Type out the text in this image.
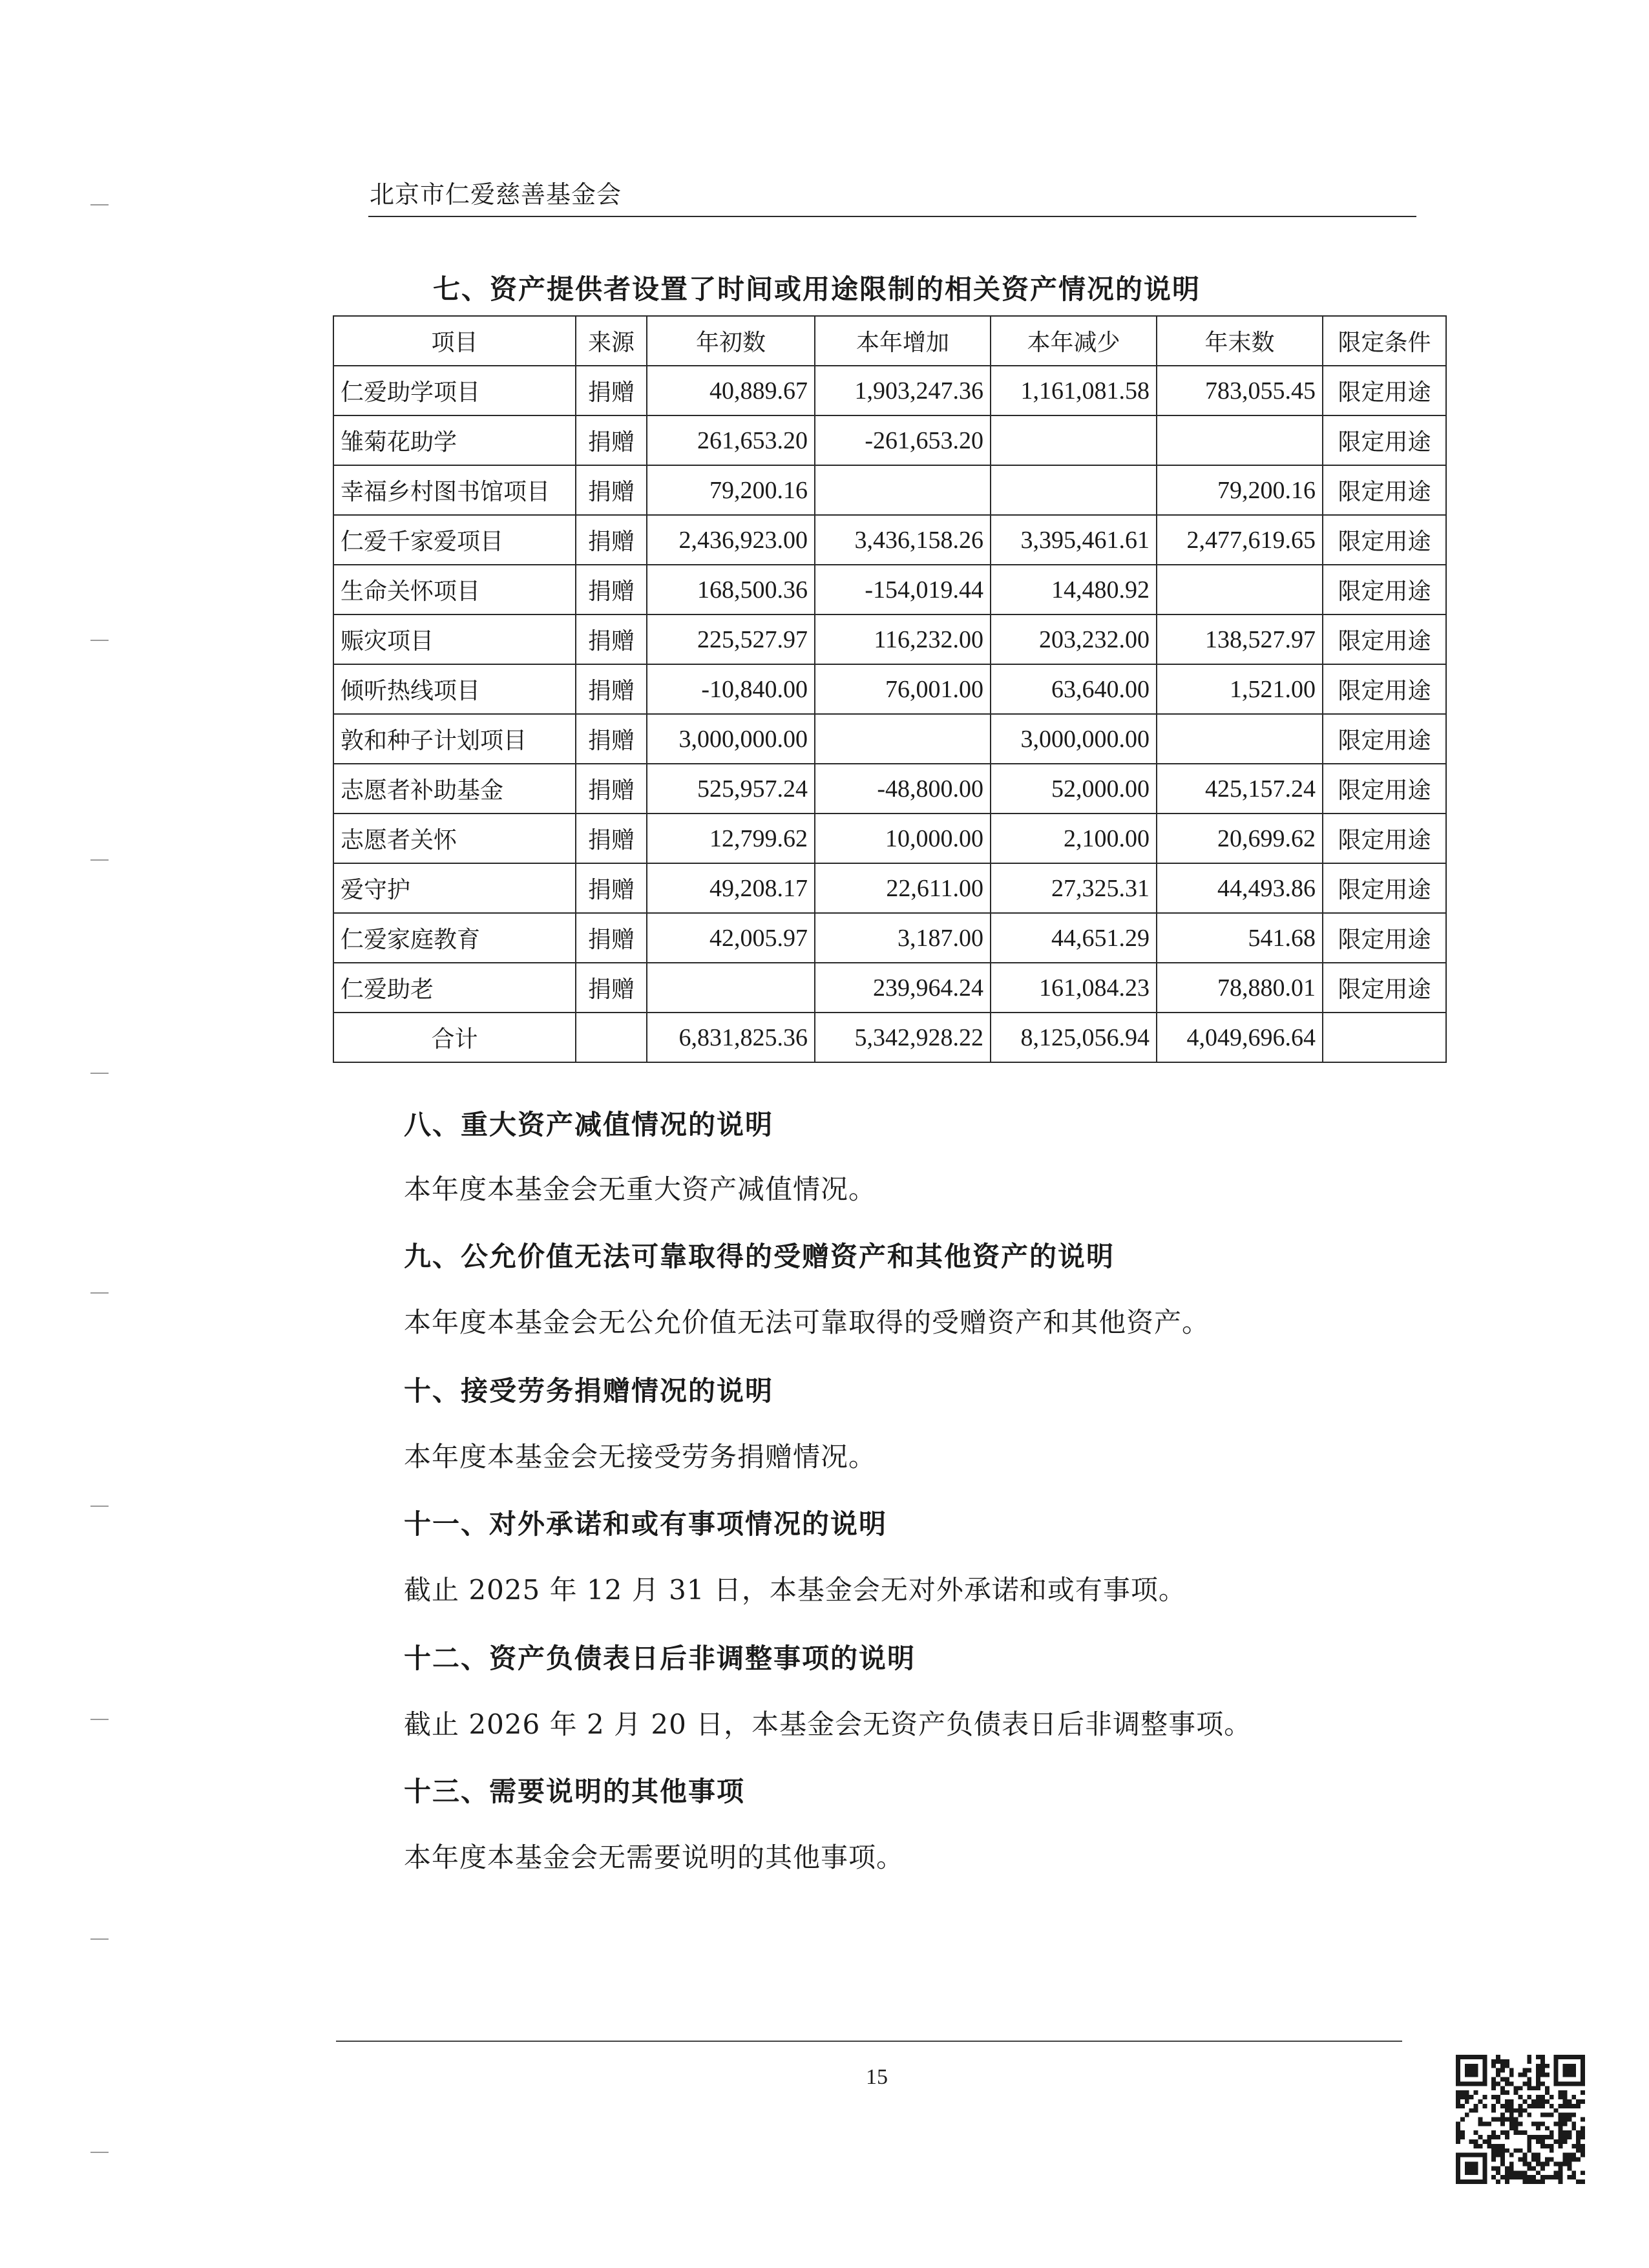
北京市仁爱慈善基金会
七、资产提供者设置了时间或用途限制的相关资产情况的说明
项目	来源	年初数	本年增加	本年减少	年末数	限定条件
仁爱助学项目	捐赠	40,889.67	1,903,247.36	1,161,081.58	783,055.45	限定用途
雏菊花助学	捐赠	261,653.20	-261,653.20			限定用途
幸福乡村图书馆项目	捐赠	79,200.16			79,200.16	限定用途
仁爱千家爱项目	捐赠	2,436,923.00	3,436,158.26	3,395,461.61	2,477,619.65	限定用途
生命关怀项目	捐赠	168,500.36	-154,019.44	14,480.92		限定用途
赈灾项目	捐赠	225,527.97	116,232.00	203,232.00	138,527.97	限定用途
倾听热线项目	捐赠	-10,840.00	76,001.00	63,640.00	1,521.00	限定用途
敦和种子计划项目	捐赠	3,000,000.00		3,000,000.00		限定用途
志愿者补助基金	捐赠	525,957.24	-48,800.00	52,000.00	425,157.24	限定用途
志愿者关怀	捐赠	12,799.62	10,000.00	2,100.00	20,699.62	限定用途
爱守护	捐赠	49,208.17	22,611.00	27,325.31	44,493.86	限定用途
仁爱家庭教育	捐赠	42,005.97	3,187.00	44,651.29	541.68	限定用途
仁爱助老	捐赠		239,964.24	161,084.23	78,880.01	限定用途
合计		6,831,825.36	5,342,928.22	8,125,056.94	4,049,696.64	
八、重大资产减值情况的说明
本年度本基金会无重大资产减值情况。
九、公允价值无法可靠取得的受赠资产和其他资产的说明
本年度本基金会无公允价值无法可靠取得的受赠资产和其他资产。
十、接受劳务捐赠情况的说明
本年度本基金会无接受劳务捐赠情况。
十一、对外承诺和或有事项情况的说明
截止 2025 年 12 月 31 日，本基金会无对外承诺和或有事项。
十二、资产负债表日后非调整事项的说明
截止 2026 年 2 月 20 日，本基金会无资产负债表日后非调整事项。
十三、需要说明的其他事项
本年度本基金会无需要说明的其他事项。
15
